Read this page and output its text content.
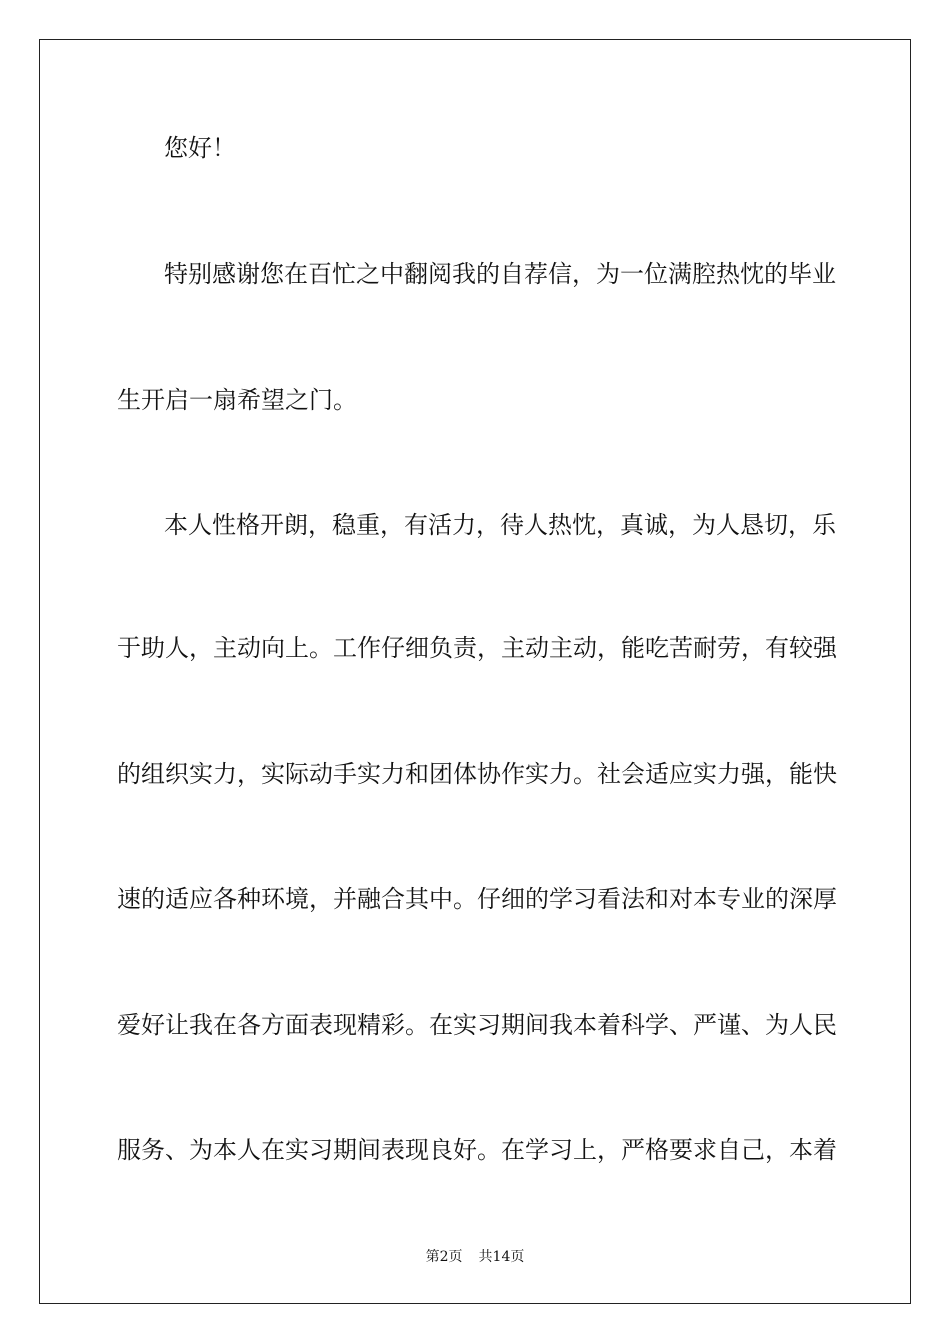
您好！
特别感谢您在百忙之中翻阅我的自荐信，为一位满腔热忱的毕业
生开启一扇希望之门。
本人性格开朗，稳重，有活力，待人热忱，真诚，为人恳切，乐
于助人，主动向上。工作仔细负责，主动主动，能吃苦耐劳，有较强
的组织实力，实际动手实力和团体协作实力。社会适应实力强，能快
速的适应各种环境，并融合其中。仔细的学习看法和对本专业的深厚
爱好让我在各方面表现精彩。在实习期间我本着科学、严谨、为人民
服务、为本人在实习期间表现良好。在学习上，严格要求自己，本着
第2页 共14页
